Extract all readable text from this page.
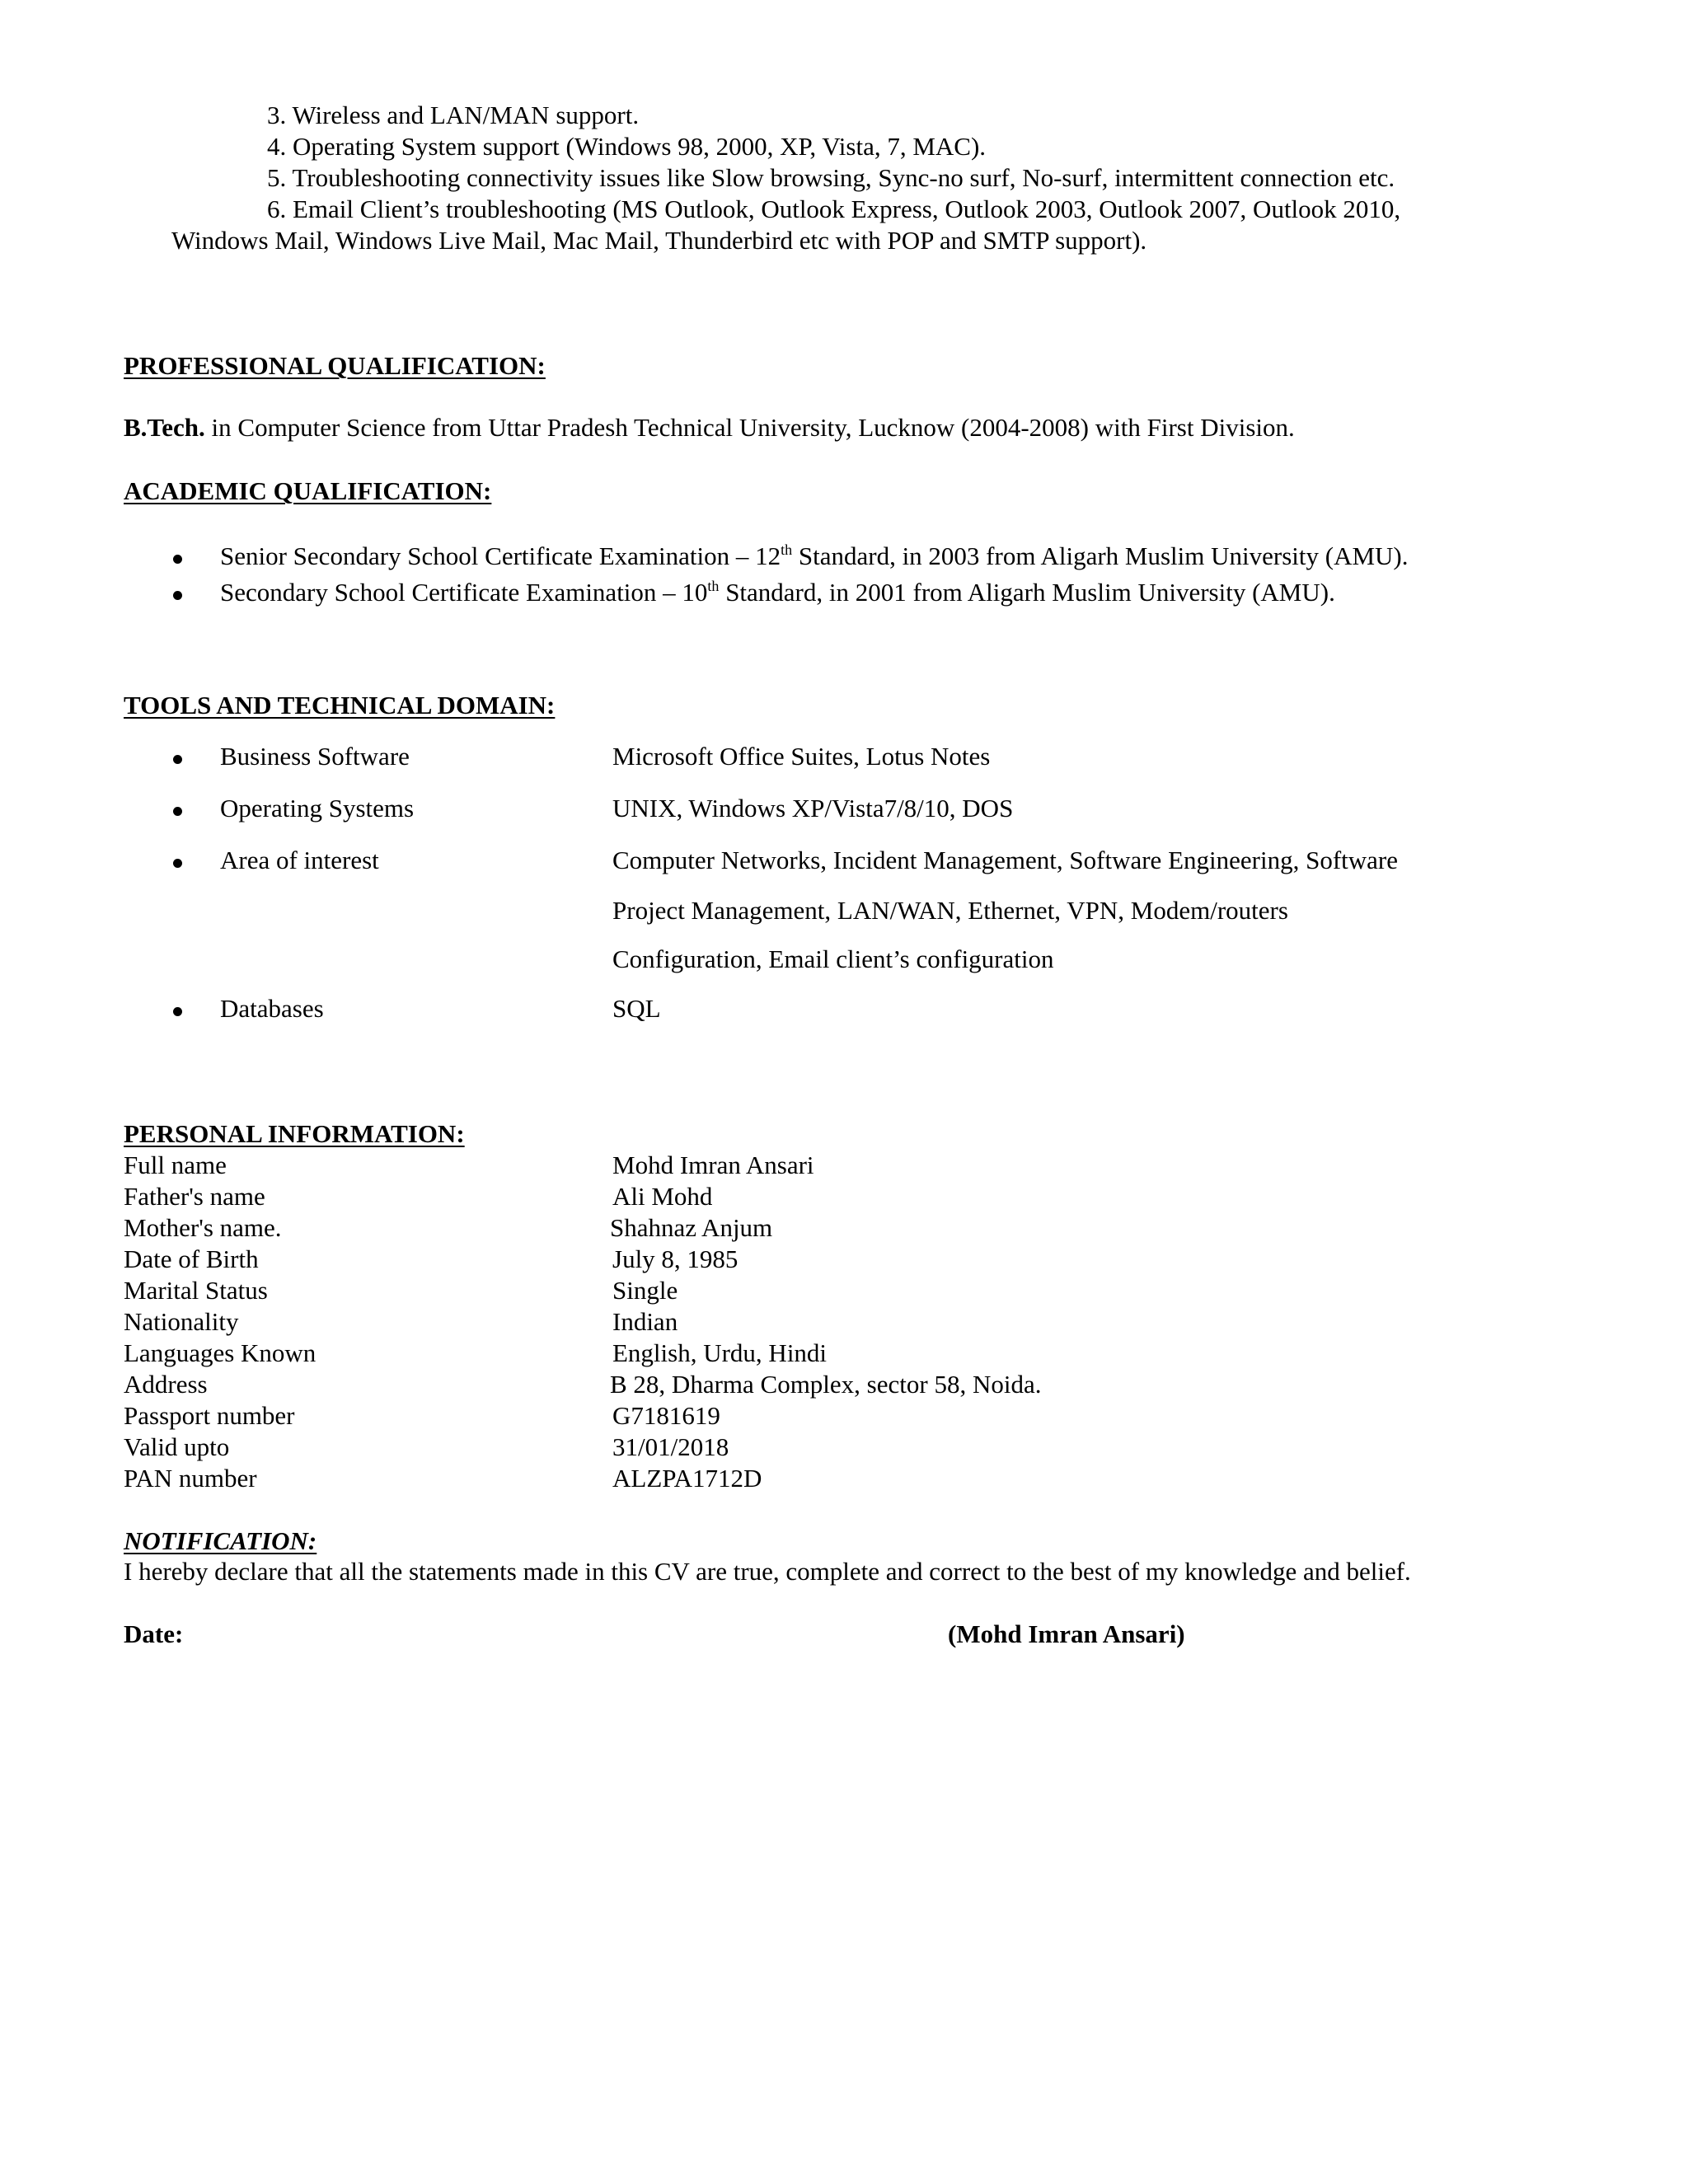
3. Wireless and LAN/MAN support.
4. Operating System support (Windows 98, 2000, XP, Vista, 7, MAC).
5. Troubleshooting connectivity issues like Slow browsing, Sync-no surf, No-surf, intermittent connection etc.
6. Email Client’s troubleshooting (MS Outlook, Outlook Express, Outlook 2003, Outlook 2007, Outlook 2010,
Windows Mail, Windows Live Mail, Mac Mail, Thunderbird etc with POP and SMTP support).
PROFESSIONAL QUALIFICATION:
B.Tech. in Computer Science from Uttar Pradesh Technical University, Lucknow (2004-2008) with First Division.
ACADEMIC QUALIFICATION:
Senior Secondary School Certificate Examination – 12th Standard, in 2003 from Aligarh Muslim University (AMU).
Secondary School Certificate Examination – 10th Standard, in 2001 from Aligarh Muslim University (AMU).
TOOLS AND TECHNICAL DOMAIN:
Business Software	Microsoft Office Suites, Lotus Notes
Operating Systems	UNIX, Windows XP/Vista7/8/10, DOS
Area of interest	Computer Networks, Incident Management, Software Engineering, Software
Project Management, LAN/WAN, Ethernet, VPN, Modem/routers
Configuration, Email client’s configuration
Databases	SQL
PERSONAL INFORMATION:
Full name	Mohd Imran Ansari
Father's name	Ali Mohd
Mother's name.	Shahnaz Anjum
Date of Birth	July 8, 1985
Marital Status	Single
Nationality	Indian
Languages Known	English, Urdu, Hindi
Address	B 28, Dharma Complex, sector 58, Noida.
Passport number	G7181619
Valid upto	31/01/2018
PAN number	ALZPA1712D
NOTIFICATION:
I hereby declare that all the statements made in this CV are true, complete and correct to the best of my knowledge and belief.
Date:	(Mohd Imran Ansari)
